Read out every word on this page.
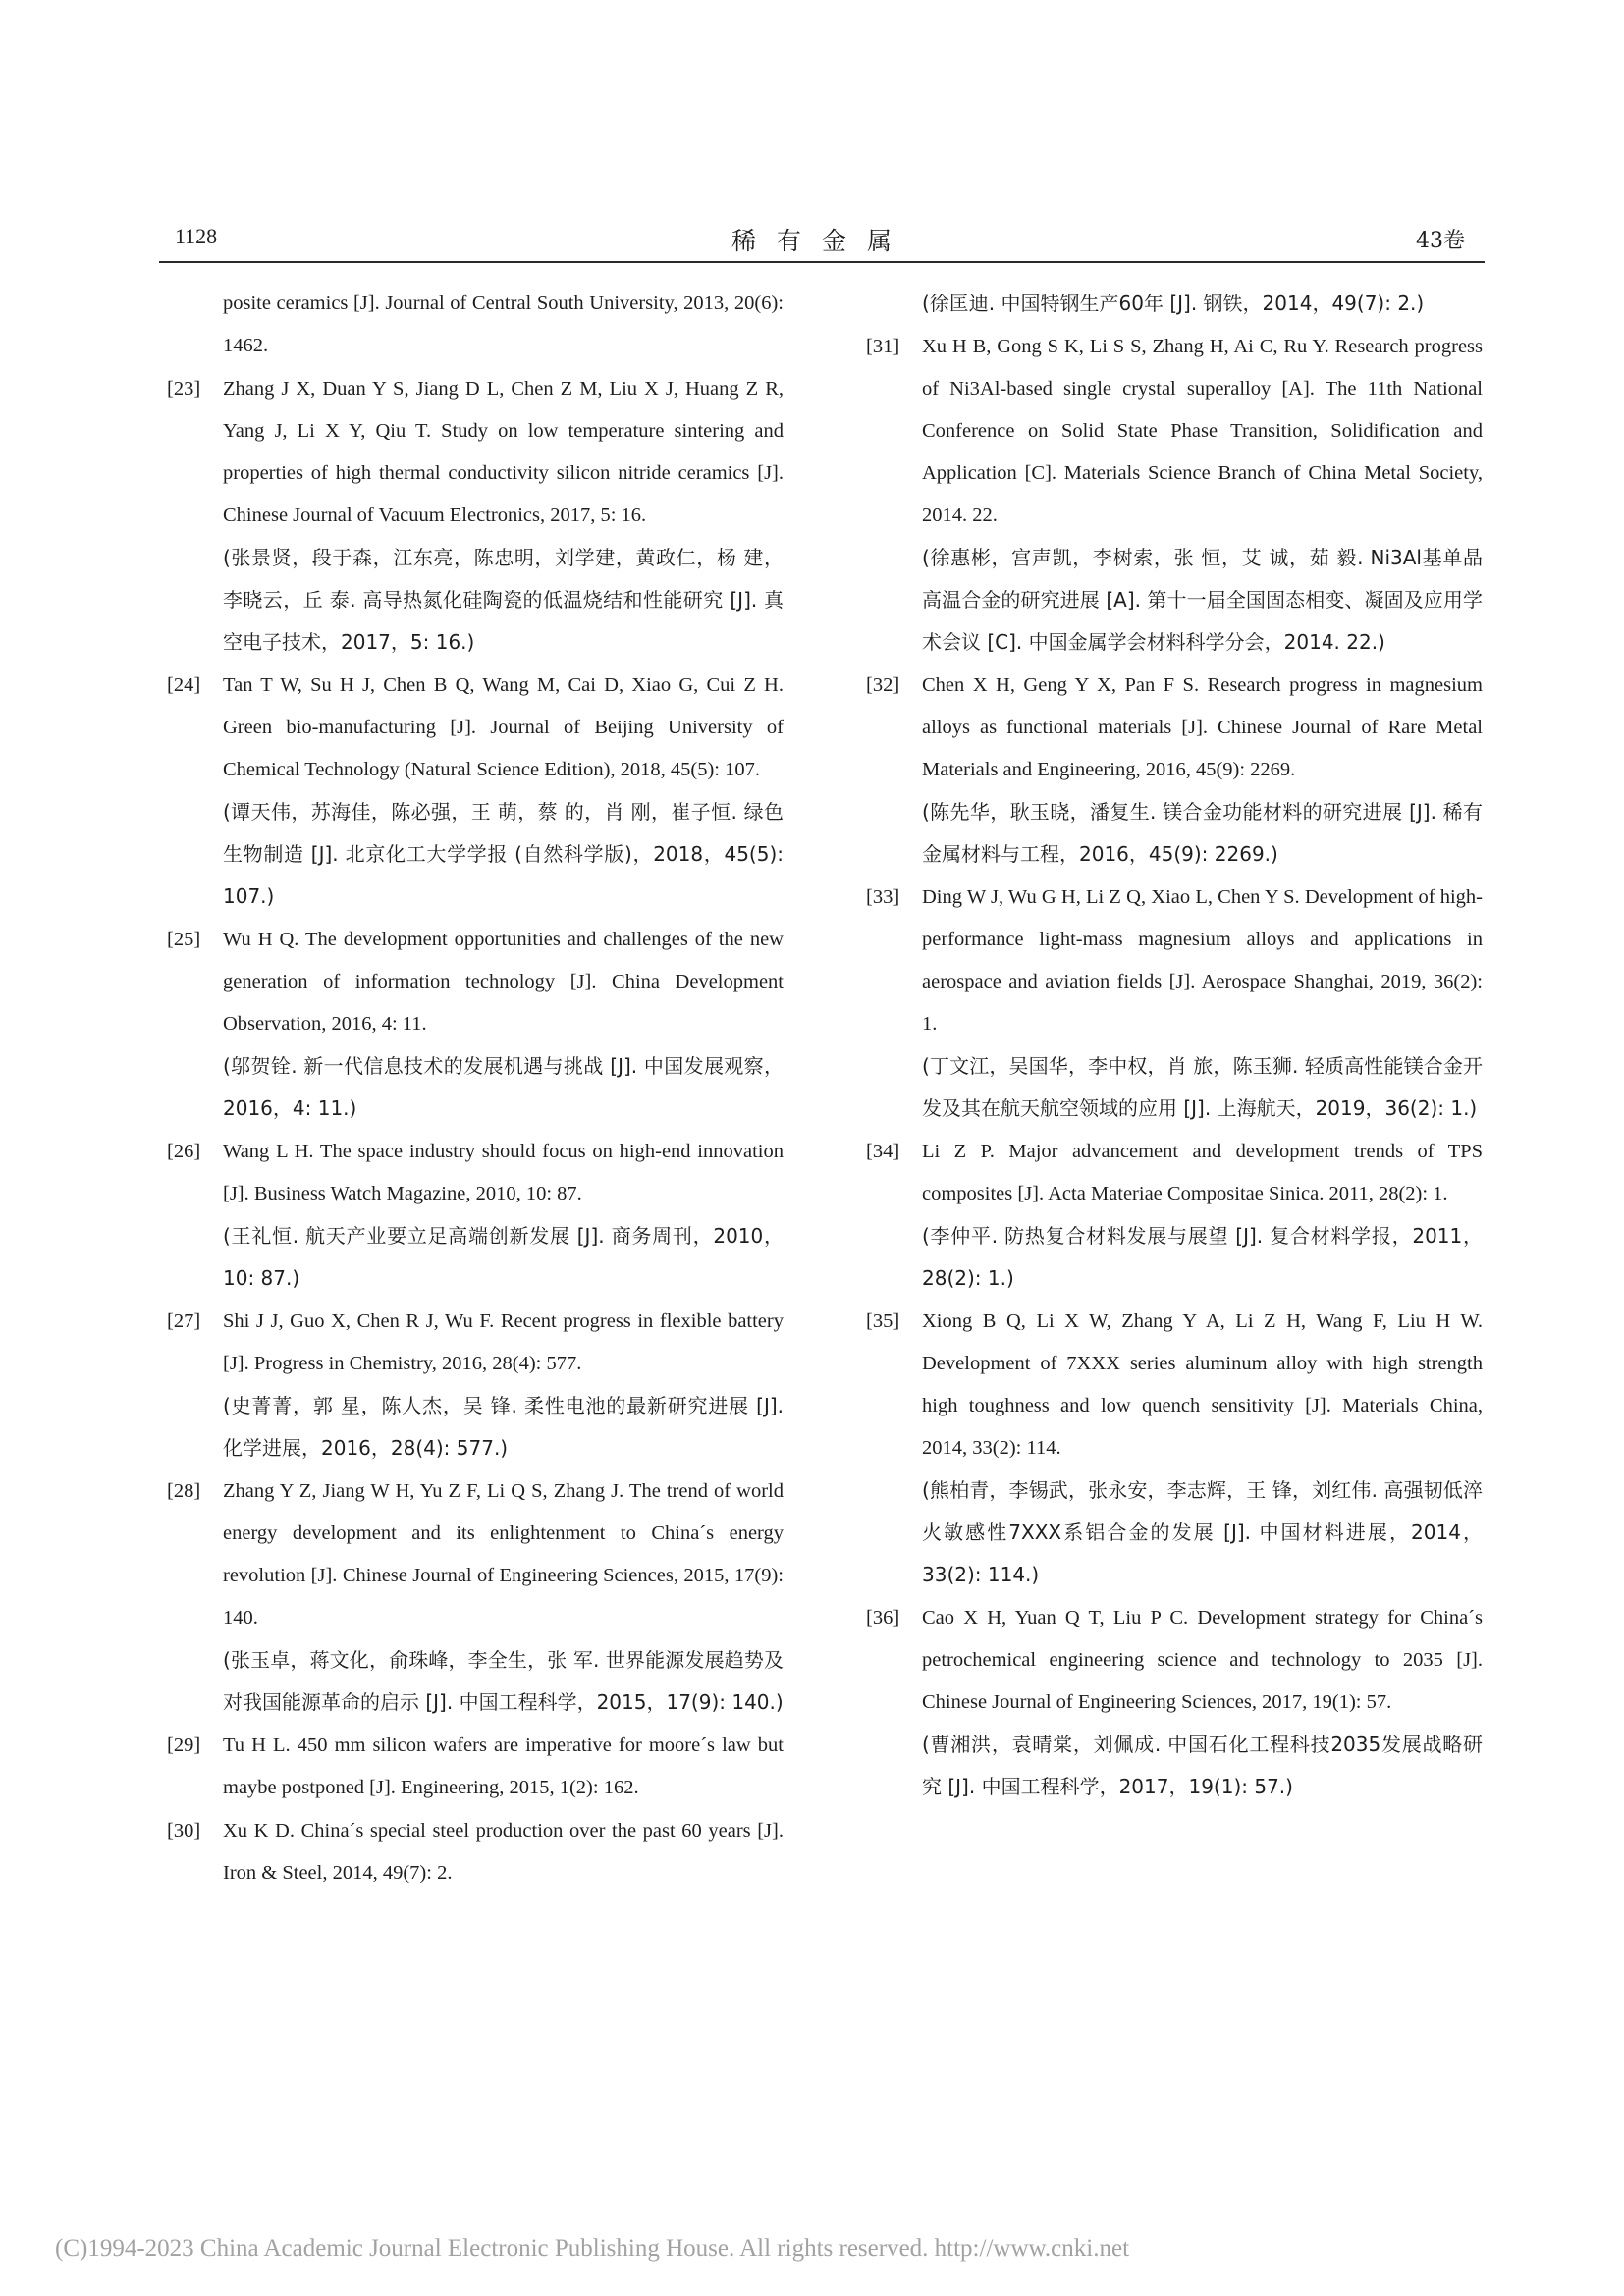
1128	稀有金属	43卷
posite ceramics [J]. Journal of Central South University, 2013, 20(6): 1462.
[23] Zhang J X, Duan Y S, Jiang D L, Chen Z M, Liu X J, Huang Z R, Yang J, Li X Y, Qiu T. Study on low temperature sintering and properties of high thermal conductivity silicon nitride ceramics [J]. Chinese Journal of Vacuum Electronics, 2017, 5: 16.
(张景贤，段于森，江东亮，陈忠明，刘学建，黄政仁，杨 建，李晓云，丘 泰. 高导热氮化硅陶瓷的低温烧结和性能研究 [J]. 真空电子技术，2017，5: 16.)
[24] Tan T W, Su H J, Chen B Q, Wang M, Cai D, Xiao G, Cui Z H. Green bio-manufacturing [J]. Journal of Beijing University of Chemical Technology (Natural Science Edition), 2018, 45(5): 107.
(谭天伟，苏海佳，陈必强，王 萌，蔡 的，肖 刚，崔子恒. 绿色生物制造 [J]. 北京化工大学学报 (自然科学版)，2018，45(5): 107.)
[25] Wu H Q. The development opportunities and challenges of the new generation of information technology [J]. China Development Observation, 2016, 4: 11.
(邬贺铨. 新一代信息技术的发展机遇与挑战 [J]. 中国发展观察，2016，4: 11.)
[26] Wang L H. The space industry should focus on high-end innovation [J]. Business Watch Magazine, 2010, 10: 87.
(王礼恒. 航天产业要立足高端创新发展 [J]. 商务周刊，2010，10: 87.)
[27] Shi J J, Guo X, Chen R J, Wu F. Recent progress in flexible battery [J]. Progress in Chemistry, 2016, 28(4): 577.
(史菁菁，郭 星，陈人杰，吴 锋. 柔性电池的最新研究进展 [J]. 化学进展，2016，28(4): 577.)
[28] Zhang Y Z, Jiang W H, Yu Z F, Li Q S, Zhang J. The trend of world energy development and its enlightenment to China´s energy revolution [J]. Chinese Journal of Engineering Sciences, 2015, 17(9): 140.
(张玉卓，蒋文化，俞珠峰，李全生，张 军. 世界能源发展趋势及对我国能源革命的启示 [J]. 中国工程科学，2015，17(9): 140.)
[29] Tu H L. 450 mm silicon wafers are imperative for moore´s law but maybe postponed [J]. Engineering, 2015, 1(2): 162.
[30] Xu K D. China´s special steel production over the past 60 years [J]. Iron & Steel, 2014, 49(7): 2.
(徐匡迪. 中国特钢生产60年 [J]. 钢铁，2014，49(7): 2.)
[31] Xu H B, Gong S K, Li S S, Zhang H, Ai C, Ru Y. Research progress of Ni3Al-based single crystal superalloy [A]. The 11th National Conference on Solid State Phase Transition, Solidification and Application [C]. Materials Science Branch of China Metal Society, 2014. 22.
(徐惠彬，宫声凯，李树索，张 恒，艾 诚，茹 毅. Ni3Al基单晶高温合金的研究进展 [A]. 第十一届全国固态相变、凝固及应用学术会议 [C]. 中国金属学会材料科学分会，2014. 22.)
[32] Chen X H, Geng Y X, Pan F S. Research progress in magnesium alloys as functional materials [J]. Chinese Journal of Rare Metal Materials and Engineering, 2016, 45(9): 2269.
(陈先华，耿玉晓，潘复生. 镁合金功能材料的研究进展 [J]. 稀有金属材料与工程，2016，45(9): 2269.)
[33] Ding W J, Wu G H, Li Z Q, Xiao L, Chen Y S. Development of high-performance light-mass magnesium alloys and applications in aerospace and aviation fields [J]. Aerospace Shanghai, 2019, 36(2): 1.
(丁文江，吴国华，李中权，肖 旅，陈玉狮. 轻质高性能镁合金开发及其在航天航空领域的应用 [J]. 上海航天，2019，36(2): 1.)
[34] Li Z P. Major advancement and development trends of TPS composites [J]. Acta Materiae Compositae Sinica. 2011, 28(2): 1.
(李仲平. 防热复合材料发展与展望 [J]. 复合材料学报，2011，28(2): 1.)
[35] Xiong B Q, Li X W, Zhang Y A, Li Z H, Wang F, Liu H W. Development of 7XXX series aluminum alloy with high strength high toughness and low quench sensitivity [J]. Materials China, 2014, 33(2): 114.
(熊柏青，李锡武，张永安，李志辉，王 锋，刘红伟. 高强韧低淬火敏感性7XXX系铝合金的发展 [J]. 中国材料进展，2014，33(2): 114.)
[36] Cao X H, Yuan Q T, Liu P C. Development strategy for China´s petrochemical engineering science and technology to 2035 [J]. Chinese Journal of Engineering Sciences, 2017, 19(1): 57.
(曹湘洪，袁晴棠，刘佩成. 中国石化工程科技2035发展战略研究 [J]. 中国工程科学，2017，19(1): 57.)
(C)1994-2023 China Academic Journal Electronic Publishing House. All rights reserved. http://www.cnki.net
